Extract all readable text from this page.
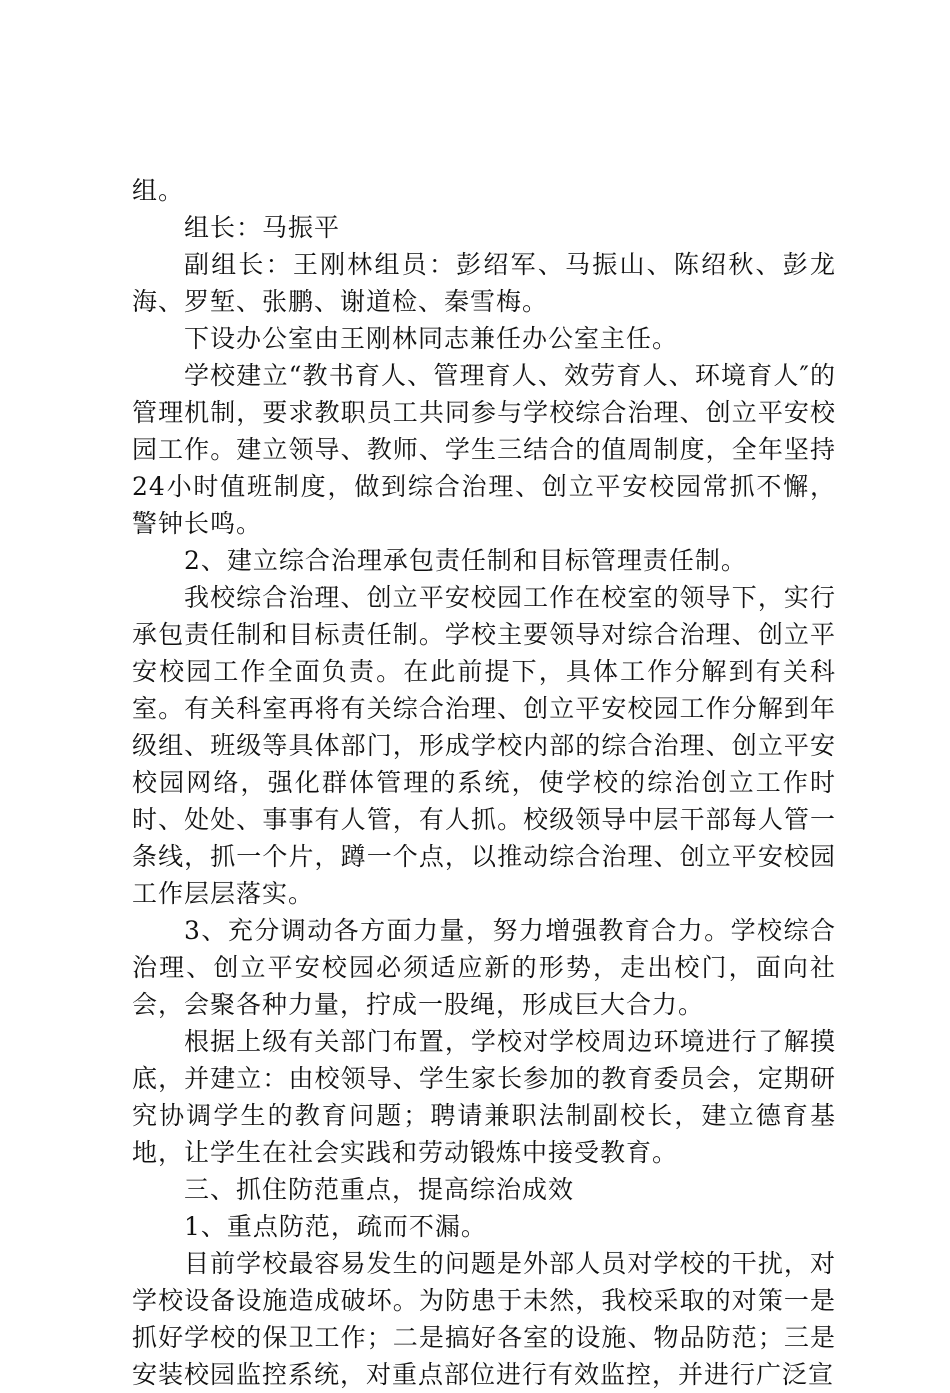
组。

组长：马振平

副组长：王刚林组员：彭绍军、马振山、陈绍秋、彭龙海、罗堑、张鹏、谢道检、秦雪梅。

下设办公室由王刚林同志兼任办公室主任。

学校建立“教书育人、管理育人、效劳育人、环境育人″的管理机制，要求教职员工共同参与学校综合治理、创立平安校园工作。建立领导、教师、学生三结合的值周制度，全年坚持24小时值班制度，做到综合治理、创立平安校园常抓不懈，警钟长鸣。

2、建立综合治理承包责任制和目标管理责任制。

我校综合治理、创立平安校园工作在校室的领导下，实行承包责任制和目标责任制。学校主要领导对综合治理、创立平安校园工作全面负责。在此前提下，具体工作分解到有关科室。有关科室再将有关综合治理、创立平安校园工作分解到年级组、班级等具体部门，形成学校内部的综合治理、创立平安校园网络，强化群体管理的系统，使学校的综治创立工作时时、处处、事事有人管，有人抓。校级领导中层干部每人管一条线，抓一个片，蹲一个点，以推动综合治理、创立平安校园工作层层落实。

3、充分调动各方面力量，努力增强教育合力。学校综合治理、创立平安校园必须适应新的形势，走出校门，面向社会，会聚各种力量，拧成一股绳，形成巨大合力。

根据上级有关部门布置，学校对学校周边环境进行了解摸底，并建立：由校领导、学生家长参加的教育委员会，定期研究协调学生的教育问题；聘请兼职法制副校长，建立德育基地，让学生在社会实践和劳动锻炼中接受教育。

三、抓住防范重点，提高综治成效

1、重点防范，疏而不漏。

目前学校最容易发生的问题是外部人员对学校的干扰，对学校设备设施造成破坏。为防患于未然，我校采取的对策一是抓好学校的保卫工作；二是搞好各室的设施、物品防范；三是安装校园监控系统，对重点部位进行有效监控，并进行广泛宣
